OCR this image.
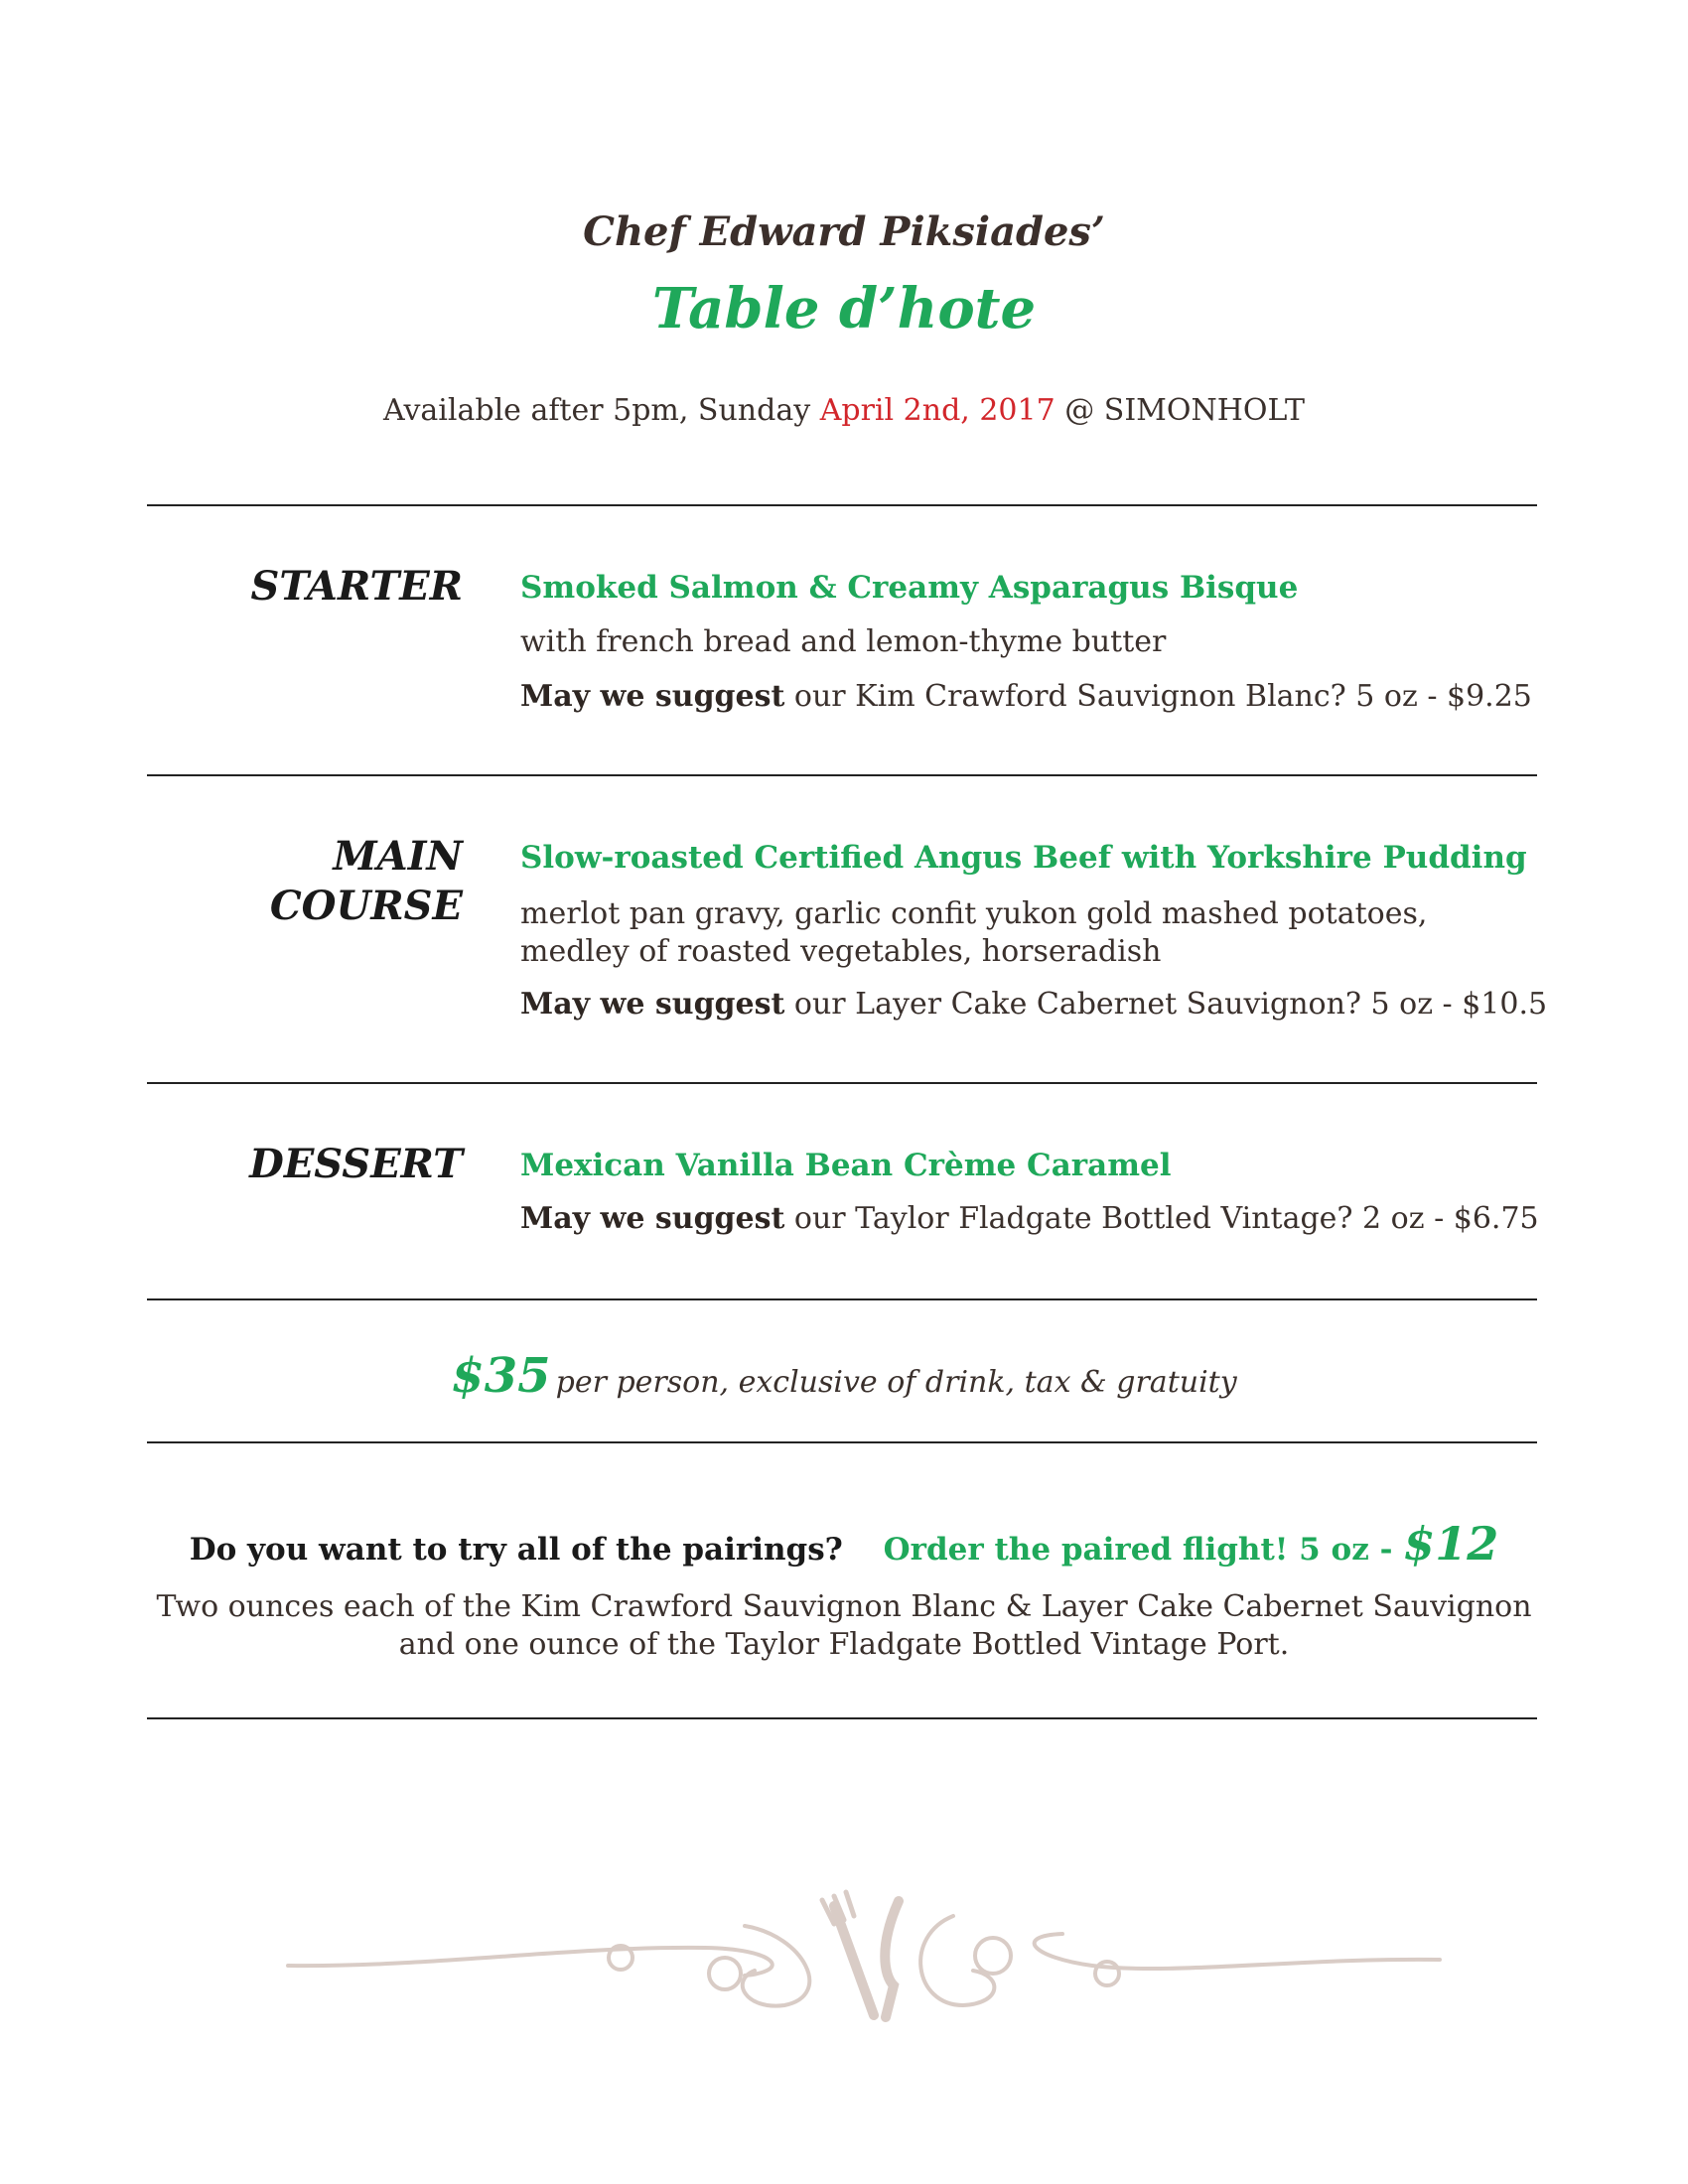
Chef Edward Piksiades’
Table d’hote
Available after 5pm, Sunday April 2nd, 2017 @ SIMONHOLT
STARTER Smoked Salmon & Creamy Asparagus Bisque
with french bread and lemon-thyme butter
May we suggest our Kim Crawford Sauvignon Blanc? 5 oz - $9.25
MAIN
COURSE
Slow-roasted Certified Angus Beef with Yorkshire Pudding
merlot pan gravy, garlic confit yukon gold mashed potatoes, medley of roasted vegetables, horseradish
May we suggest our Layer Cake Cabernet Sauvignon? 5 oz - $10.5
DESSERT Mexican Vanilla Bean Crème Caramel
May we suggest our Taylor Fladgate Bottled Vintage? 2 oz - $6.75
$35 per person, exclusive of drink, tax & gratuity
Do you want to try all of the pairings? Order the paired flight! 5 oz - $12
Two ounces each of the Kim Crawford Sauvignon Blanc & Layer Cake Cabernet Sauvignon
and one ounce of the Taylor Fladgate Bottled Vintage Port.
